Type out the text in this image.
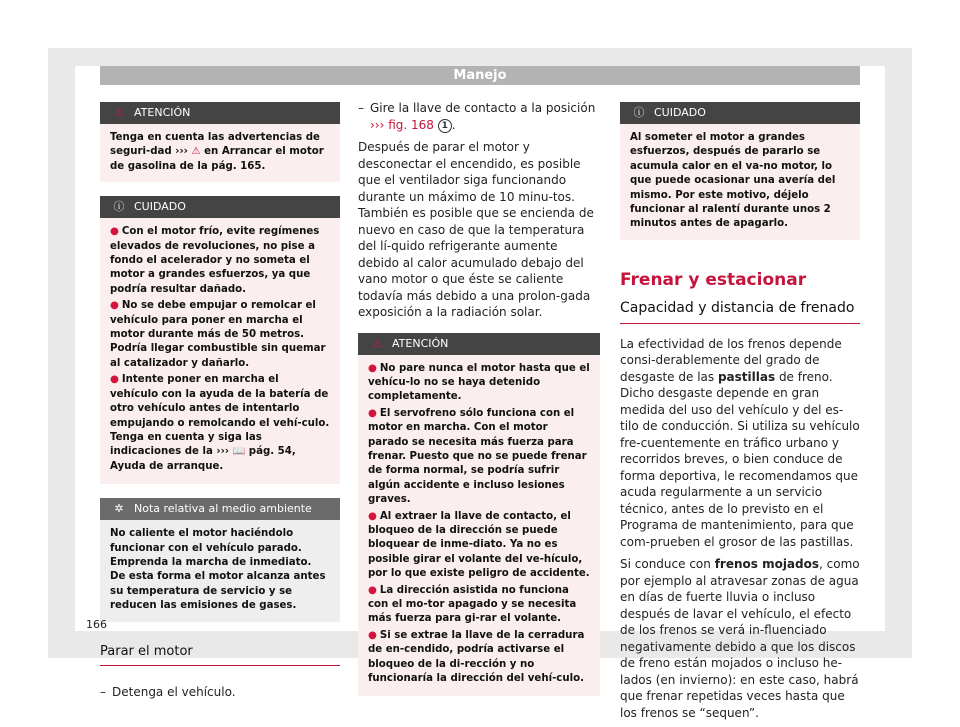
Manejo
⚠ ATENCIÓN
Tenga en cuenta las advertencias de seguri-dad ››› ⚠ en Arrancar el motor de gasolina de la pág. 165.
ⓘ CUIDADO

● Con el motor frío, evite regímenes elevados de revoluciones, no pise a fondo el acelerador y no someta el motor a grandes esfuerzos, ya que podría resultar dañado.

● No se debe empujar o remolcar el vehículo para poner en marcha el motor durante más de 50 metros. Podría llegar combustible sin quemar al catalizador y dañarlo.

● Intente poner en marcha el vehículo con la ayuda de la batería de otro vehículo antes de intentarlo empujando o remolcando el vehí-culo. Tenga en cuenta y siga las indicaciones de la ››› 📖 pág. 54, Ayuda de arranque.

✲ Nota relativa al medio ambiente
No caliente el motor haciéndolo funcionar con el vehículo parado. Emprenda la marcha de inmediato. De esta forma el motor alcanza antes su temperatura de servicio y se reducen las emisiones de gases.
Parar el motor
– Detenga el vehículo.
– Gire la llave de contacto a la posición
››› fig. 168 1 .

Después de parar el motor y desconectar el encendido, es posible que el ventilador siga funcionando durante un máximo de 10 minu-tos. También es posible que se encienda de nuevo en caso de que la temperatura del lí-quido refrigerante aumente debido al calor acumulado debajo del vano motor o que éste se caliente todavía más debido a una prolon-gada exposición a la radiación solar.

⚠ ATENCIÓN

● No pare nunca el motor hasta que el vehícu-lo no se haya detenido completamente.

● El servofreno sólo funciona con el motor en marcha. Con el motor parado se necesita más fuerza para frenar. Puesto que no se puede frenar de forma normal, se podría sufrir algún accidente e incluso lesiones graves.

● Al extraer la llave de contacto, el bloqueo de la dirección se puede bloquear de inme-diato. Ya no es posible girar el volante del ve-hículo, por lo que existe peligro de accidente.

● La dirección asistida no funciona con el mo-tor apagado y se necesita más fuerza para gi-rar el volante.

● Si se extrae la llave de la cerradura de en-cendido, podría activarse el bloqueo de la di-rección y no funcionaría la dirección del vehí-culo.

ⓘ CUIDADO
Al someter el motor a grandes esfuerzos, después de pararlo se acumula calor en el va-no motor, lo que puede ocasionar una avería del mismo. Por este motivo, déjelo funcionar al ralentí durante unos 2 minutos antes de apagarlo.
Frenar y estacionar
Capacidad y distancia de frenado

La efectividad de los frenos depende consi-derablemente del grado de desgaste de las pastillas de freno. Dicho desgaste depende en gran medida del uso del vehículo y del es-tilo de conducción. Si utiliza su vehículo fre-cuentemente en tráfico urbano y recorridos breves, o bien conduce de forma deportiva, le recomendamos que acuda regularmente a un servicio técnico, antes de lo previsto en el Programa de mantenimiento, para que com-prueben el grosor de las pastillas.

Si conduce con frenos mojados, como por ejemplo al atravesar zonas de agua en días de fuerte lluvia o incluso después de lavar el vehículo, el efecto de los frenos se verá in-fluenciado negativamente debido a que los discos de freno están mojados o incluso he-lados (en invierno): en este caso, habrá que frenar repetidas veces hasta que los frenos se “sequen”.

166
